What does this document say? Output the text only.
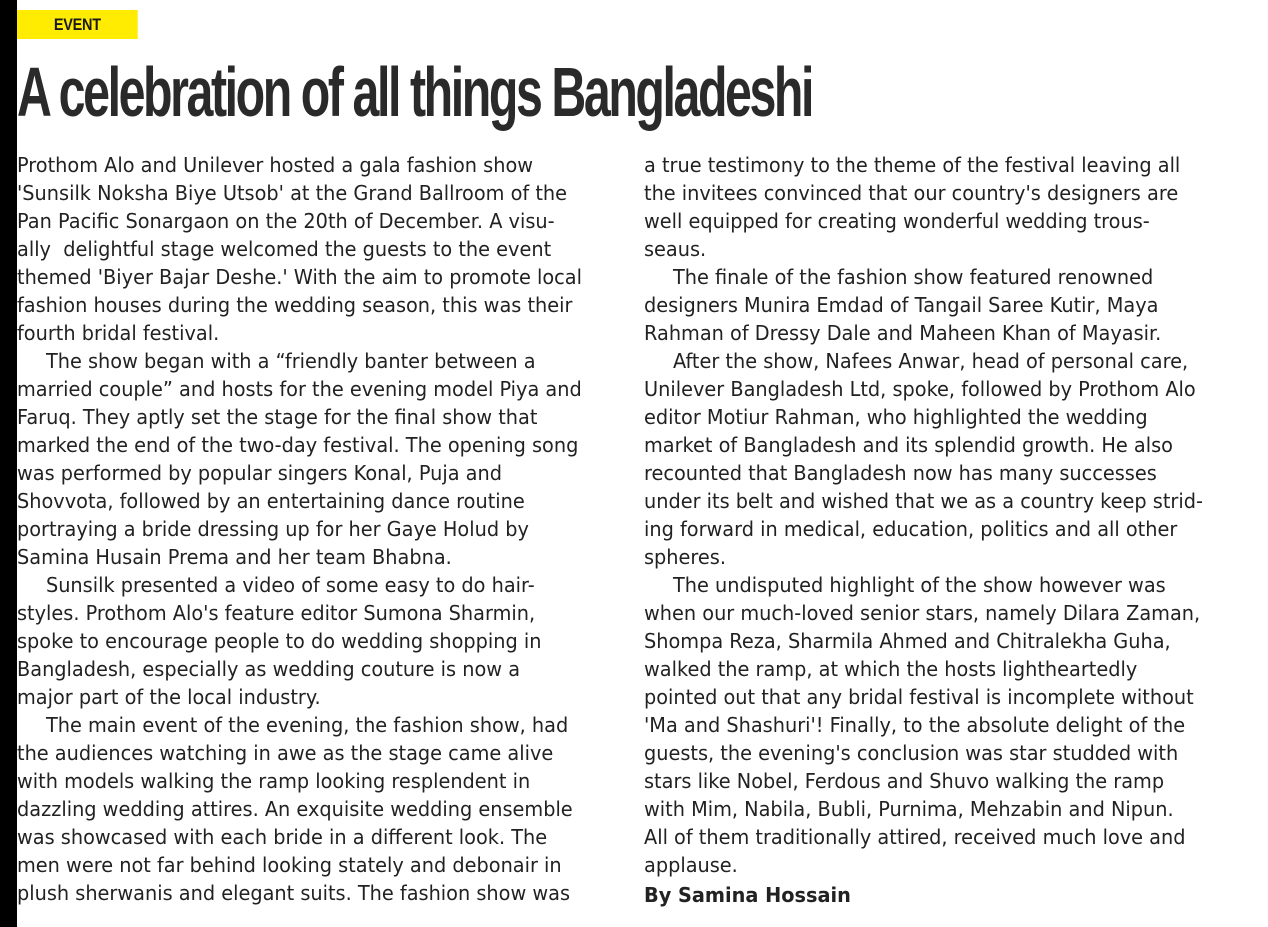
EVENT
A celebration of all things Bangladeshi
Prothom Alo and Unilever hosted a gala fashion show
'Sunsilk Noksha Biye Utsob' at the Grand Ballroom of the
Pan Pacific Sonargaon on the 20th of December. A visu-
ally  delightful stage welcomed the guests to the event
themed 'Biyer Bajar Deshe.' With the aim to promote local
fashion houses during the wedding season, this was their
fourth bridal festival.
The show began with a “friendly banter between a
married couple” and hosts for the evening model Piya and
Faruq. They aptly set the stage for the final show that
marked the end of the two-day festival. The opening song
was performed by popular singers Konal, Puja and
Shovvota, followed by an entertaining dance routine
portraying a bride dressing up for her Gaye Holud by
Samina Husain Prema and her team Bhabna.
Sunsilk presented a video of some easy to do hair-
styles. Prothom Alo's feature editor Sumona Sharmin,
spoke to encourage people to do wedding shopping in
Bangladesh, especially as wedding couture is now a
major part of the local industry.
The main event of the evening, the fashion show, had
the audiences watching in awe as the stage came alive
with models walking the ramp looking resplendent in
dazzling wedding attires. An exquisite wedding ensemble
was showcased with each bride in a different look. The
men were not far behind looking stately and debonair in
plush sherwanis and elegant suits. The fashion show was
a true testimony to the theme of the festival leaving all
the invitees convinced that our country's designers are
well equipped for creating wonderful wedding trous-
seaus.
The finale of the fashion show featured renowned
designers Munira Emdad of Tangail Saree Kutir, Maya
Rahman of Dressy Dale and Maheen Khan of Mayasir.
After the show, Nafees Anwar, head of personal care,
Unilever Bangladesh Ltd, spoke, followed by Prothom Alo
editor Motiur Rahman, who highlighted the wedding
market of Bangladesh and its splendid growth. He also
recounted that Bangladesh now has many successes
under its belt and wished that we as a country keep strid-
ing forward in medical, education, politics and all other
spheres.
The undisputed highlight of the show however was
when our much-loved senior stars, namely Dilara Zaman,
Shompa Reza, Sharmila Ahmed and Chitralekha Guha,
walked the ramp, at which the hosts lightheartedly
pointed out that any bridal festival is incomplete without
'Ma and Shashuri'! Finally, to the absolute delight of the
guests, the evening's conclusion was star studded with
stars like Nobel, Ferdous and Shuvo walking the ramp
with Mim, Nabila, Bubli, Purnima, Mehzabin and Nipun.
All of them traditionally attired, received much love and
applause.
By Samina Hossain
